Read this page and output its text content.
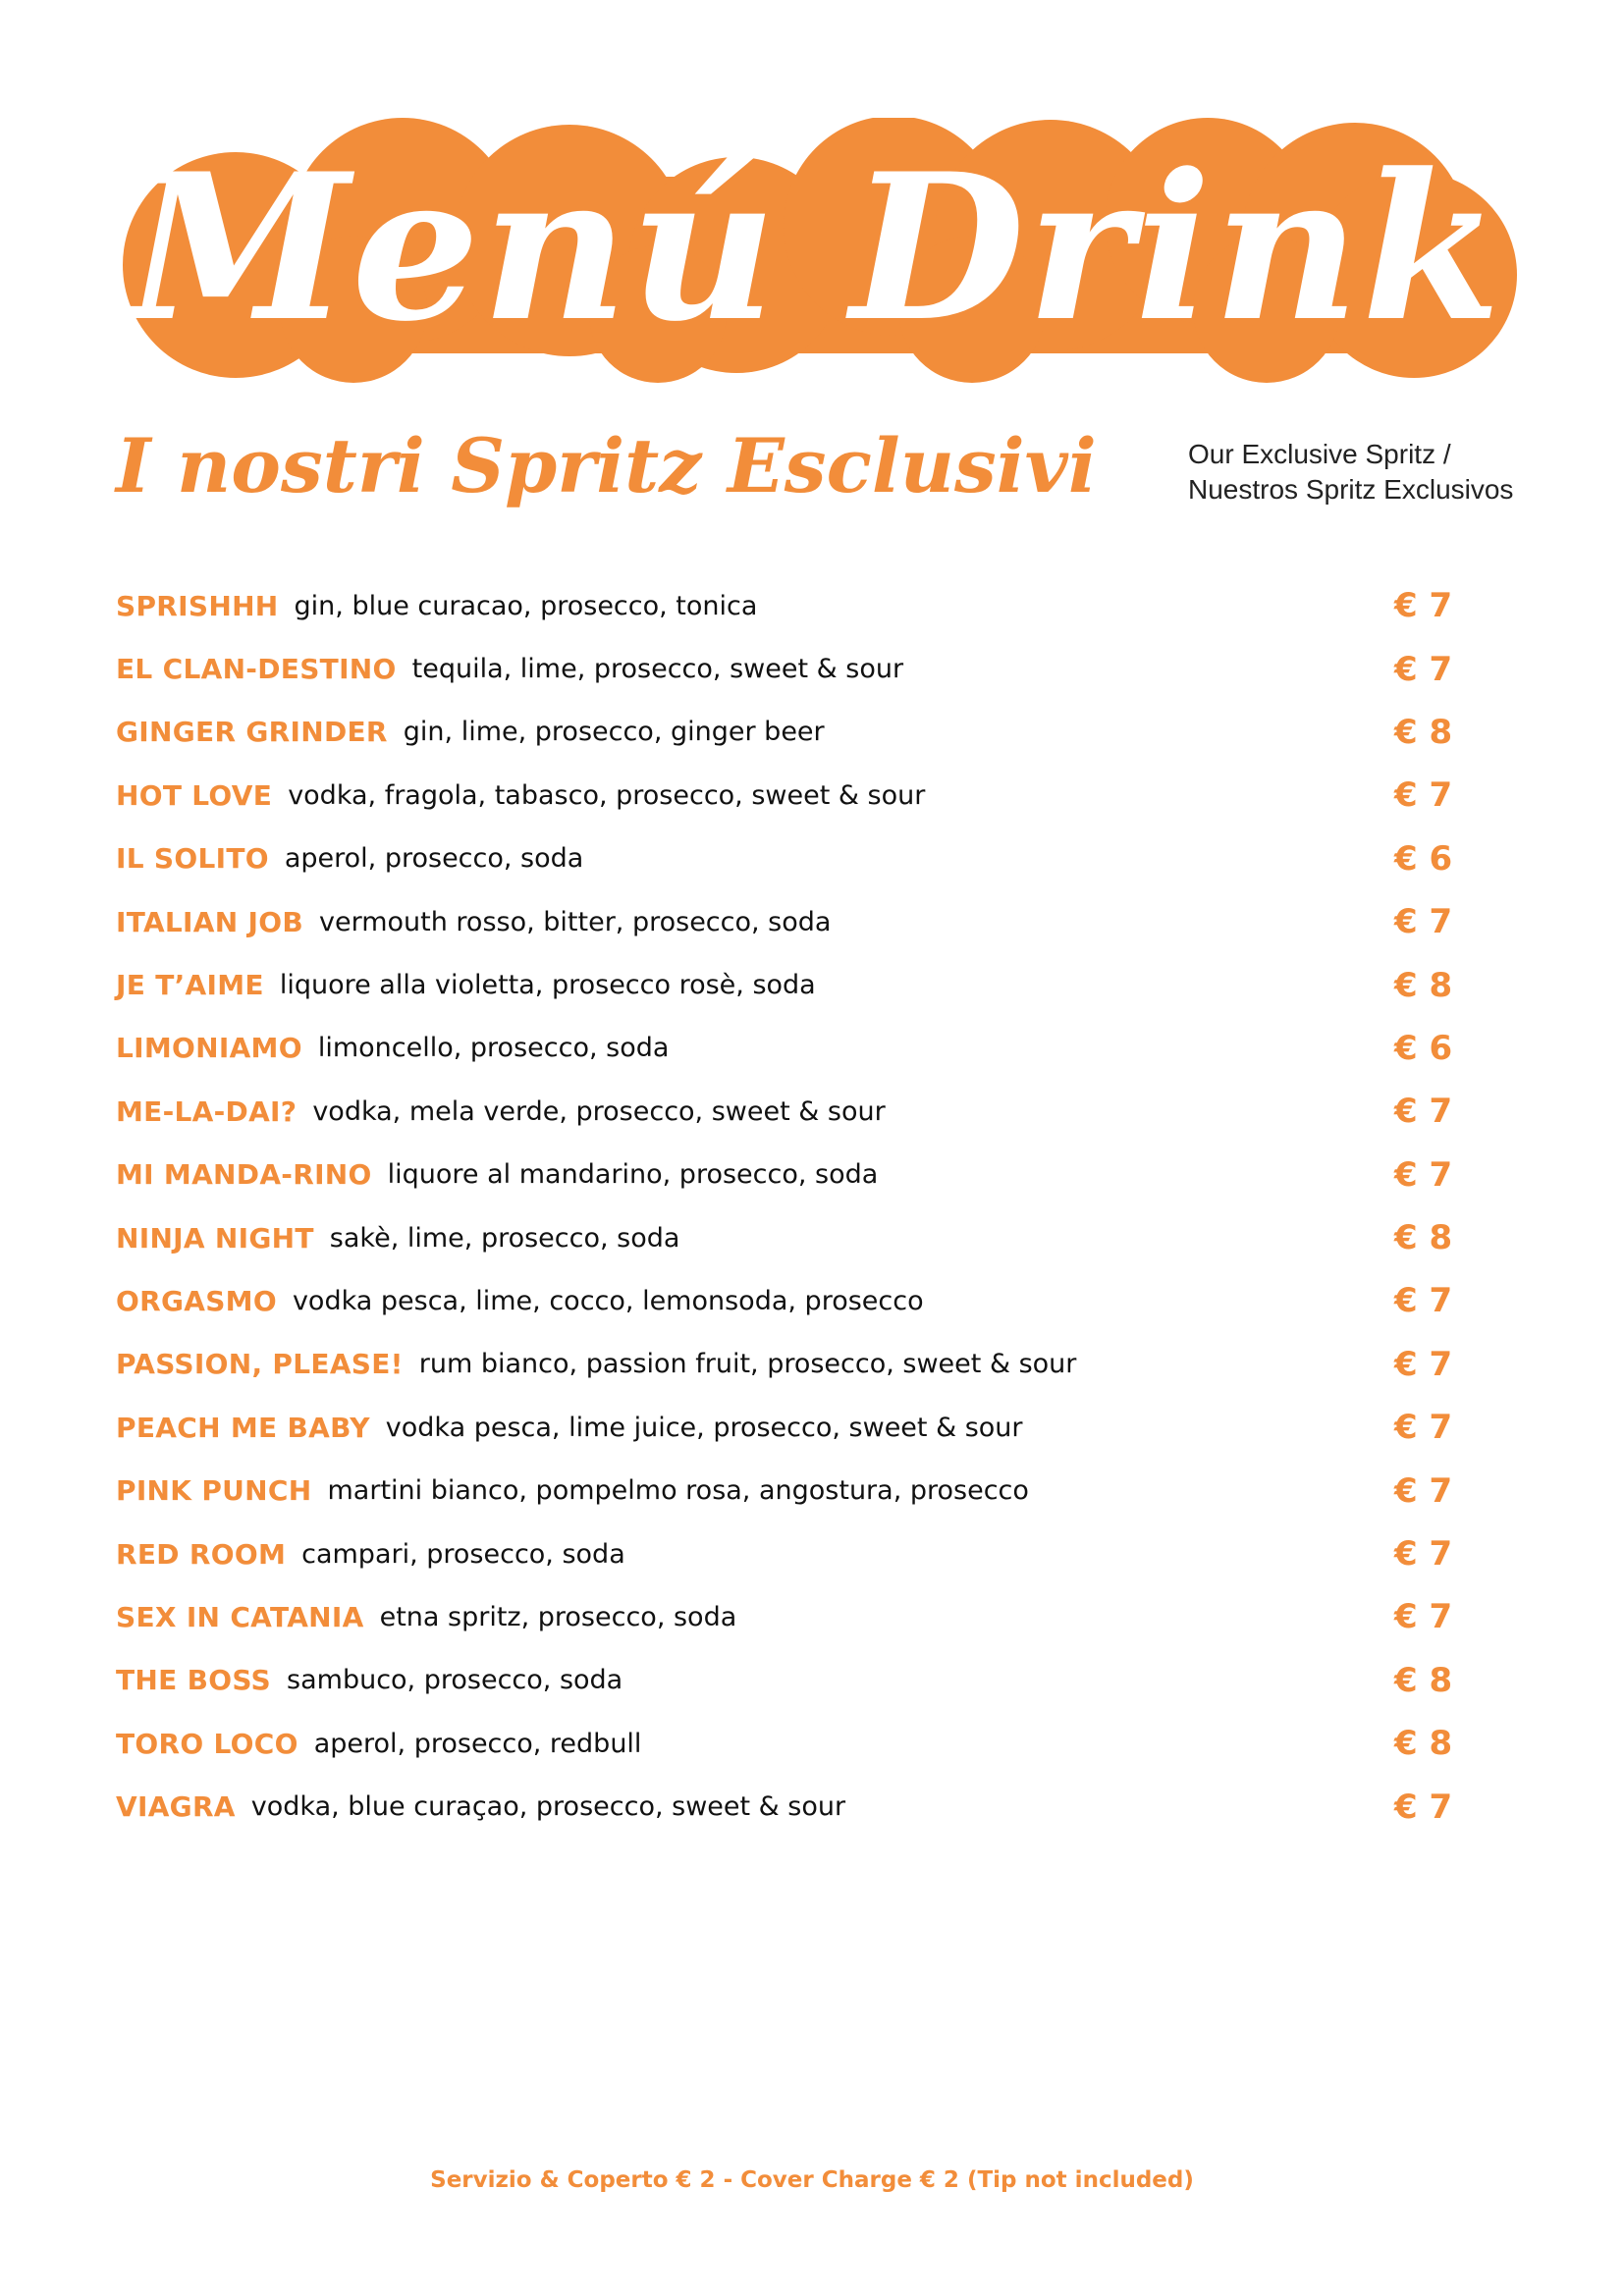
Menú Drink
I nostri Spritz Esclusivi	Our Exclusive Spritz /
Nuestros Spritz Exclusivos
SPRISHHH gin, blue curacao, prosecco, tonica	€ 7
EL CLAN-DESTINO tequila, lime, prosecco, sweet & sour	€ 7
GINGER GRINDER gin, lime, prosecco, ginger beer	€ 8
HOT LOVE vodka, fragola, tabasco, prosecco, sweet & sour	€ 7
IL SOLITO aperol, prosecco, soda	€ 6
ITALIAN JOB vermouth rosso, bitter, prosecco, soda	€ 7
JE T’AIME liquore alla violetta, prosecco rosè, soda	€ 8
LIMONIAMO limoncello, prosecco, soda	€ 6
ME-LA-DAI? vodka, mela verde, prosecco, sweet & sour	€ 7
MI MANDA-RINO liquore al mandarino, prosecco, soda	€ 7
NINJA NIGHT sakè, lime, prosecco, soda	€ 8
ORGASMO vodka pesca, lime, cocco, lemonsoda, prosecco	€ 7
PASSION, PLEASE! rum bianco, passion fruit, prosecco, sweet & sour	€ 7
PEACH ME BABY vodka pesca, lime juice, prosecco, sweet & sour	€ 7
PINK PUNCH martini bianco, pompelmo rosa, angostura, prosecco	€ 7
RED ROOM campari, prosecco, soda	€ 7
SEX IN CATANIA etna spritz, prosecco, soda	€ 7
THE BOSS sambuco, prosecco, soda	€ 8
TORO LOCO aperol, prosecco, redbull	€ 8
VIAGRA vodka, blue curaçao, prosecco, sweet & sour	€ 7
Servizio & Coperto € 2 - Cover Charge € 2 (Tip not included)
